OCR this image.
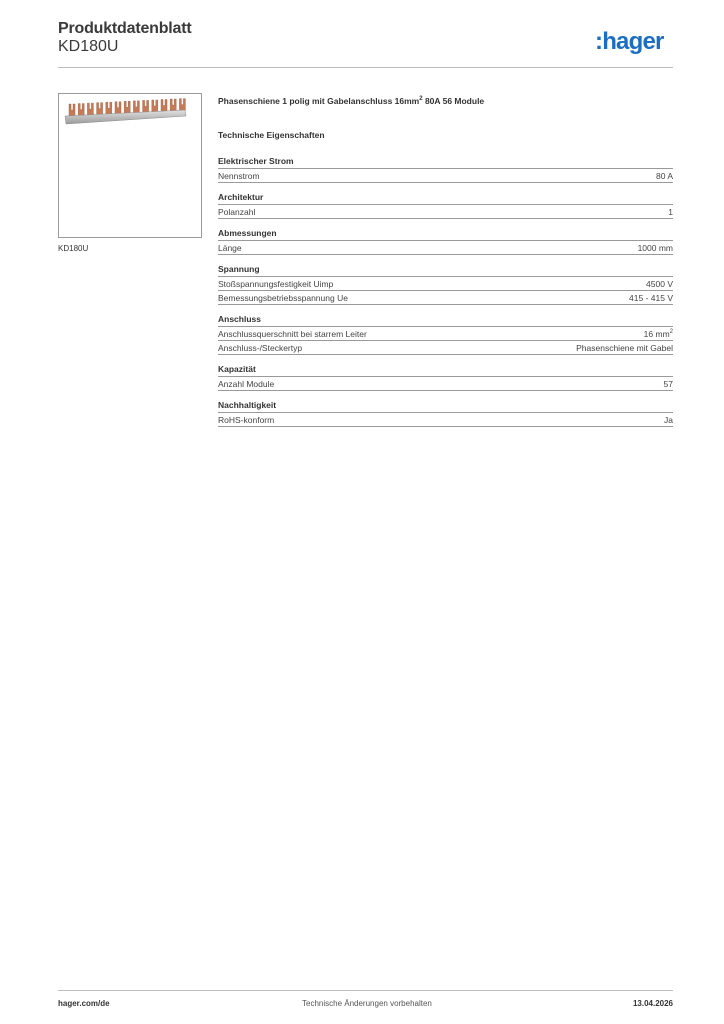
Produktdatenblatt
KD180U	:hager
KD180U
Phasenschiene 1 polig mit Gabelanschluss $16mm^2$ 80A 56 Module
Technische Eigenschaften
Elektrischer Strom
Nennstrom	80 A
Architektur
Polanzahl	1
Abmessungen
Länge	1000 mm
Spannung
Stoßspannungsfestigkeit Uimp	4500 V
Bemessungsbetriebsspannung Ue	415 - 415 V
Anschluss
Anschlussquerschnitt bei starrem Leiter	16 $mm^2$
Anschluss-/Steckertyp	Phasenschiene mit Gabel
Kapazität
Anzahl Module	57
Nachhaltigkeit
RoHS-konform	Ja
hager.com/de	Technische Änderungen vorbehalten	13.04.2026
